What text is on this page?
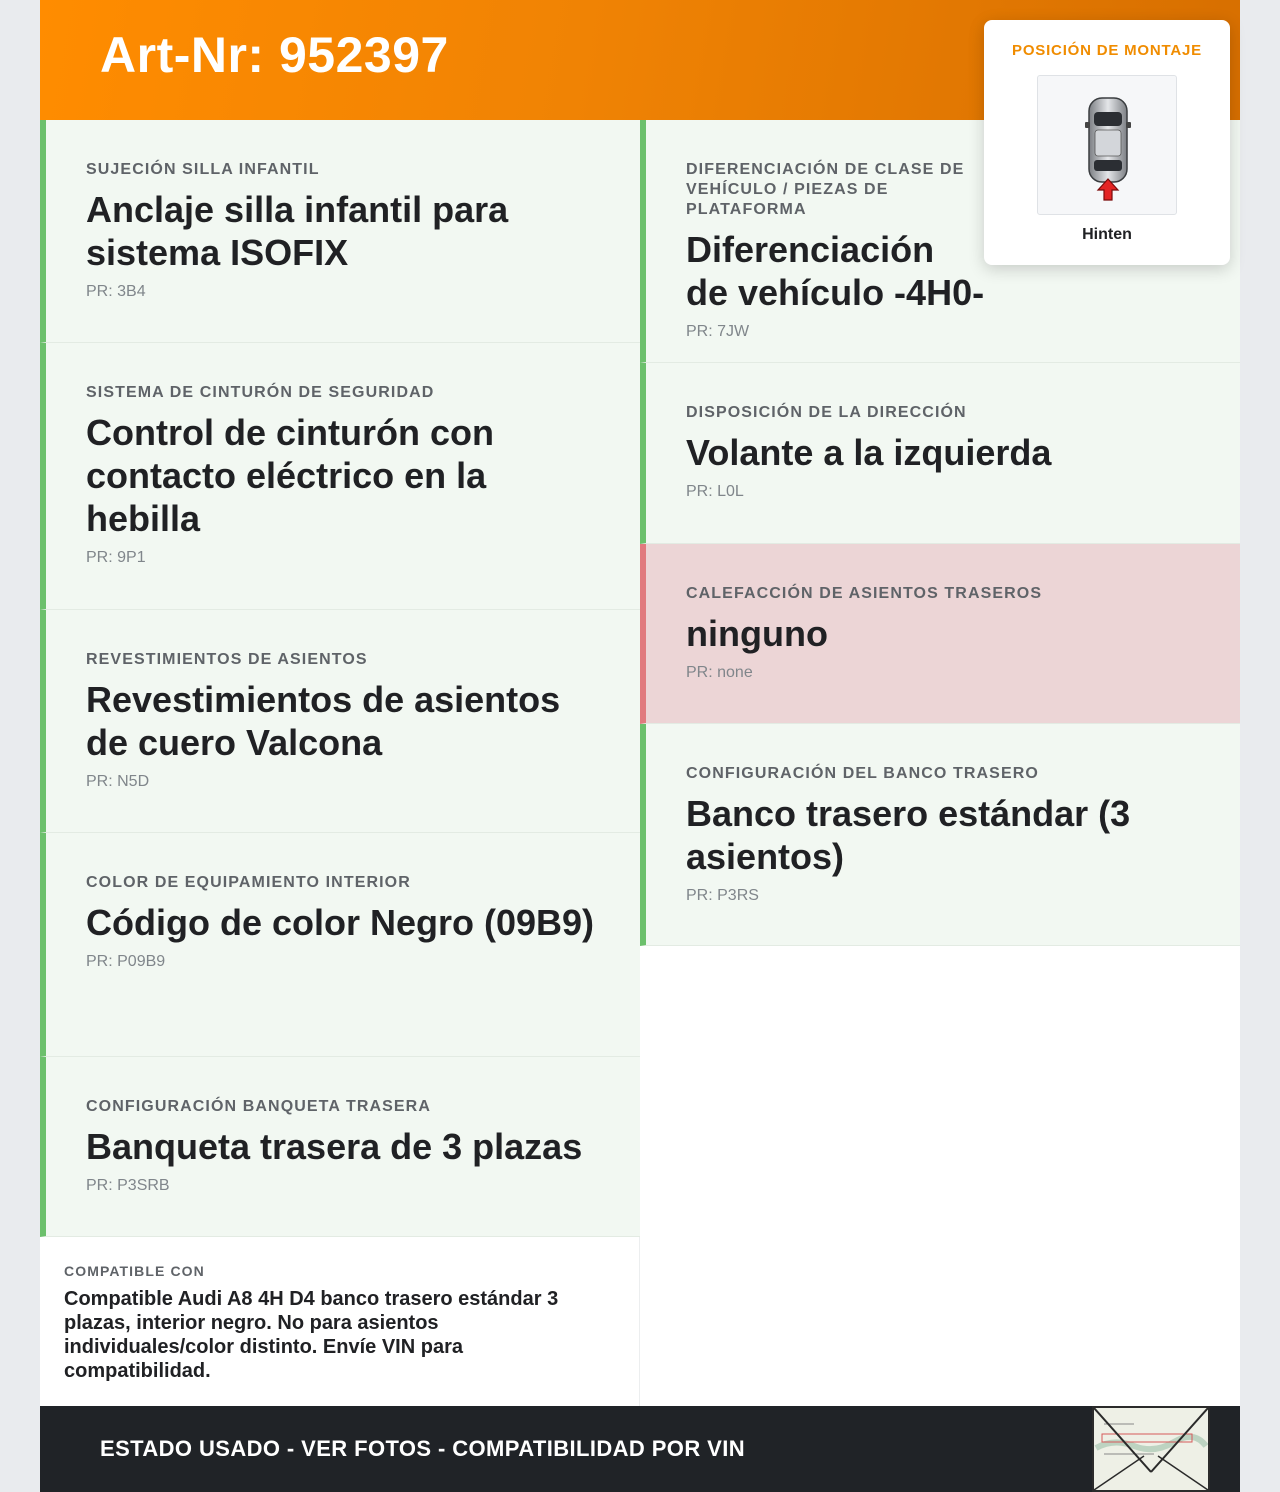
Art-Nr: 952397
SUJECIÓN SILLA INFANTIL
Anclaje silla infantil para sistema ISOFIX
PR: 3B4
SISTEMA DE CINTURÓN DE SEGURIDAD
Control de cinturón con contacto eléctrico en la hebilla
PR: 9P1
REVESTIMIENTOS DE ASIENTOS
Revestimientos de asientos de cuero Valcona
PR: N5D
COLOR DE EQUIPAMIENTO INTERIOR
Código de color Negro (09B9)
PR: P09B9
CONFIGURACIÓN BANQUETA TRASERA
Banqueta trasera de 3 plazas
PR: P3SRB
DIFERENCIACIÓN DE CLASE DE VEHÍCULO / PIEZAS DE PLATAFORMA
Diferenciación de vehículo -4H0-
PR: 7JW
DISPOSICIÓN DE LA DIRECCIÓN
Volante a la izquierda
PR: L0L
CALEFACCIÓN DE ASIENTOS TRASEROS
ninguno
PR: none
CONFIGURACIÓN DEL BANCO TRASERO
Banco trasero estándar (3 asientos)
PR: P3RS
COMPATIBLE CON
Compatible Audi A8 4H D4 banco trasero estándar 3 plazas, interior negro. No para asientos individuales/color distinto. Envíe VIN para compatibilidad.
ESTADO USADO - VER FOTOS - COMPATIBILIDAD POR VIN
POSICIÓN DE MONTAJE
Hinten
